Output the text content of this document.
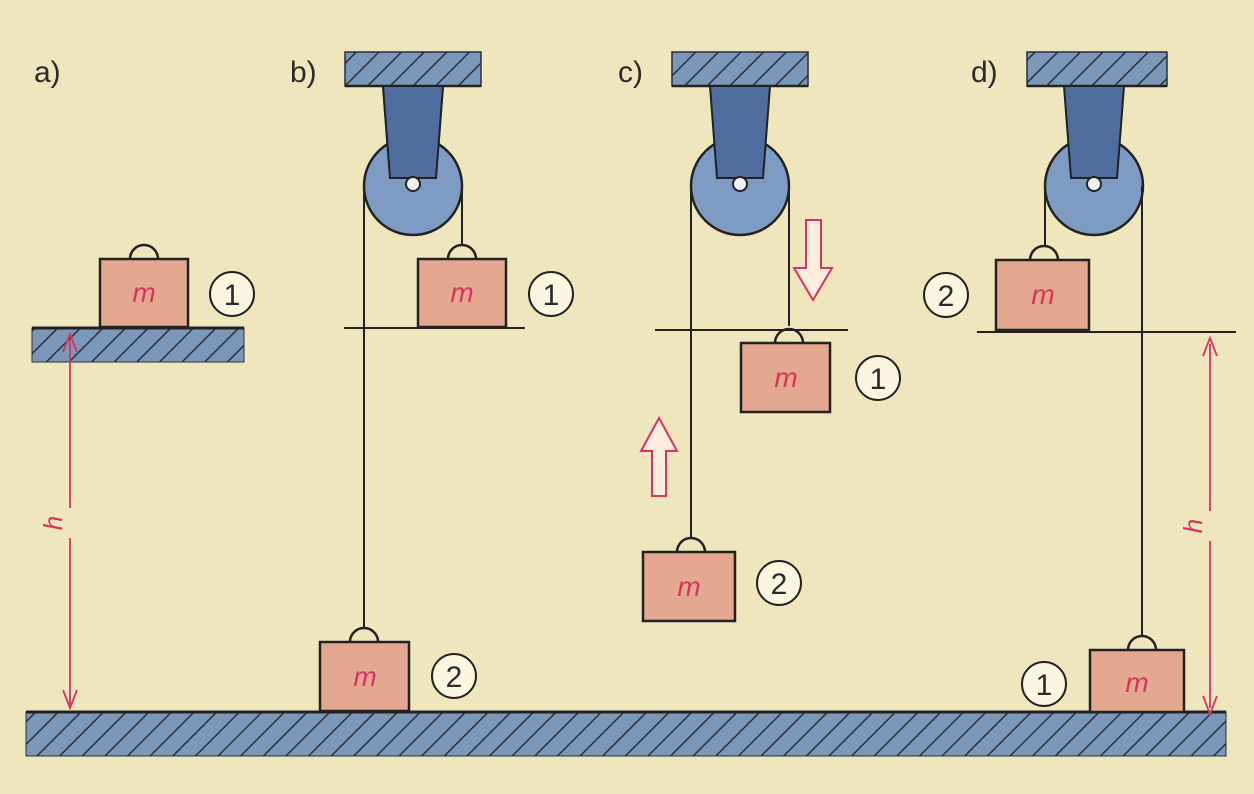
a)
m 1
h
b)
m 1
m 2
c)
m 1
m 2
d)
m
2
m
1
h
